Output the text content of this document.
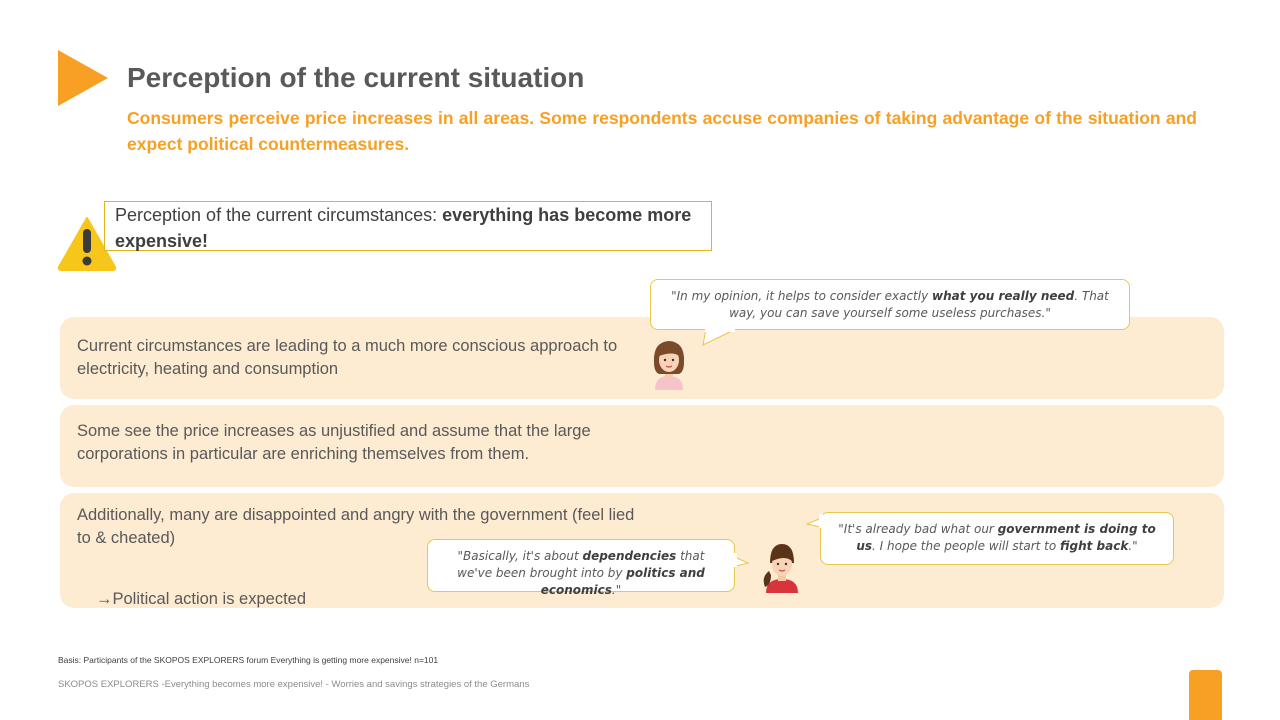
Perception of the current situation
Consumers perceive price increases in all areas. Some respondents accuse companies of taking advantage of the situation and expect political countermeasures.
Perception of the current circumstances: everything has become more expensive!
Current circumstances are leading to a much more conscious approach to electricity, heating and consumption
Some see the price increases as unjustified and assume that the large corporations in particular are enriching themselves from them.
Additionally, many are disappointed and angry with the government (feel lied to & cheated)
→Political action is expected
"In my opinion, it helps to consider exactly what you really need. That way, you can save yourself some useless purchases."
"It's already bad what our government is doing to us. I hope the people will start to fight back."
"Basically, it's about dependencies that we've been brought into by politics and economics."
Basis: Participants of the SKOPOS EXPLORERS forum Everything is getting more expensive! n=101
SKOPOS EXPLORERS -Everything becomes more expensive! - Worries and savings strategies of the Germans
